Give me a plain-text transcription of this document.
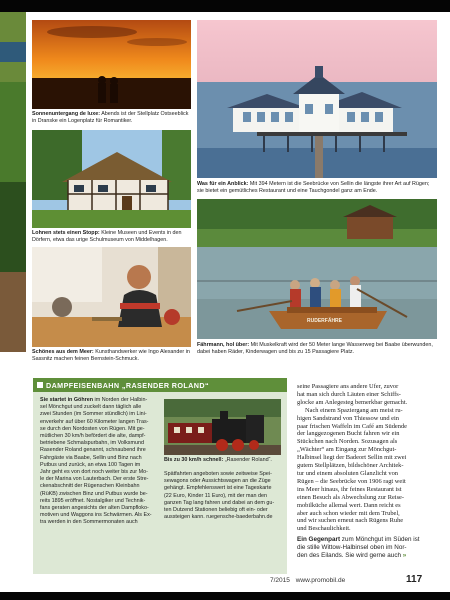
Sonnenuntergang de luxe: Abends ist der Stellplatz Ostseeblick in Dranske ein Logenplatz für Romantiker.

Was für ein Anblick: Mit 394 Metern ist die Seebrücke von Sellin die längste ihrer Art auf Rügen; sie bietet ein gemütliches Restaurant und eine Tauchgondel ganz am Ende.

Lohnen stets einen Stopp: Kleine Museen und Events in den Dörfern, etwa das urige Schulmuseum von Middelhagen.

Schönes aus dem Meer: Kunsthandwerker wie Ingo Alexander in Sassnitz machen feinen Bernstein-Schmuck.

RUDERFÄHRE

Fährmann, hol über: Mit Muskelkraft wird der 50 Meter lange Wasserweg bei Baabe überwunden, dabei haben Räder, Kinderwagen und bis zu 15 Passagiere Platz.

DAMPFEISENBAHN „RASENDER ROLAND“
Sie startet in Göhren im Norden der Halbin-
sel Mönchgut und zuckelt dann täglich alle
zwei Stunden (im Sommer stündlich) im Lini-
enverkehr auf über 60 Kilometer langen Tras-
se durch den Nordosten von Rügen. Mit ge-
mütlichen 30 km/h befördert die alte, dampf-
betriebene Schmalspurbahn, im Volksmund
Rasender Roland genannt, schnaubend ihre
Fahrgäste via Baabe, Sellin und Binz nach
Putbus und zurück, an etwa 100 Tagen im
Jahr geht es von dort noch weiter bis zur Mo-
le der Marina von Lauterbach. Der erste Stre-
ckenabschnitt der Rügenschen Kleinbahn
(RüKB) zwischen Binz und Putbus wurde be-
reits 1895 eröffnet. Nostalgiker und Technik-
fans geraten angesichts der alten Dampfloko-
motiven und Waggons ins Schwärmen. Als Ex-
tra werden in den Sommermonaten auch

Bis zu 30 km/h schnell: „Rasender Roland“.

Spätfahrten angeboten sowie zeitweise Spei-
sewagons oder Aussichtswagen an die Züge
gehängt. Empfehlenswert ist eine Tageskarte
(22 Euro, Kinder 11 Euro), mit der man den
ganzen Tag lang fahren und dabei an dem gu-
ten Dutzend Stationen beliebig oft ein- oder
aussteigen kann. ruegensche-baederbahn.de
seine Passagiere ans andere Ufer, zuvor
hat man sich durch Läuten einer Schiffs-
glocke am Anlegesteg bemerkbar gemacht.
Nach einem Spaziergang am meist ru-
higen Sandstrand von Thiessow und ein
paar frischen Waffeln im Café am Südende
der langgezogenen Bucht fahren wir ein
Stückchen nach Norden. Sozusagen als
„Wächter“ am Eingang zur Mönchgut-
Halbinsel liegt der Badeort Sellin mit zwei
gutem Stellplätzen, bildschöner Architek-
tur und einem absoluten Glanzlicht von
Rügen – die Seebrücke von 1906 ragt weit
ins Meer hinaus, ihr feines Restaurant ist
einen Besuch als Abwechslung zur Reise-
mobilküche allemal wert. Dann reicht es
aber auch schon wieder mit dem Trubel,
und wir suchen erneut nach Rügens Ruhe
und Beschaulichkeit.
Ein Gegenpart zum Mönchgut im Süden ist
die stille Wittow-Halbinsel oben im Nor-
den des Eilands. Sie wird gerne auch »
7/2015 www.promobil.de	117
